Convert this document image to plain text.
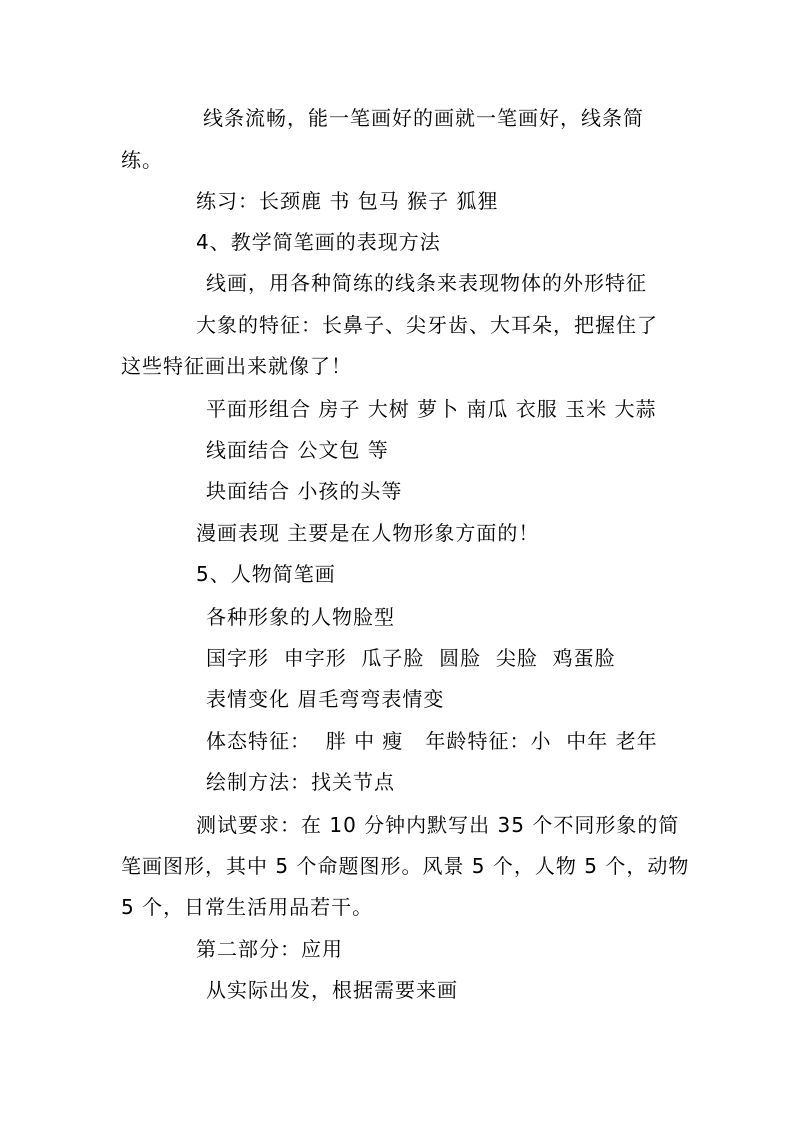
线条流畅，能一笔画好的画就一笔画好，线条简
练。
练习：长颈鹿 书 包马 猴子 狐狸
4、教学简笔画的表现方法
线画，用各种简练的线条来表现物体的外形特征
大象的特征：长鼻子、尖牙齿、大耳朵，把握住了
这些特征画出来就像了！
平面形组合 房子 大树 萝卜 南瓜 衣服 玉米 大蒜
线面结合 公文包 等
块面结合 小孩的头等
漫画表现 主要是在人物形象方面的！
5、人物简笔画
各种形象的人物脸型
国字形  申字形  瓜子脸  圆脸  尖脸  鸡蛋脸
表情变化 眉毛弯弯表情变
体态特征：  胖 中 瘦   年龄特征：小  中年 老年
绘制方法：找关节点
测试要求：在 10 分钟内默写出 35 个不同形象的简
笔画图形，其中 5 个命题图形。风景 5 个，人物 5 个，动物
5 个，日常生活用品若干。
第二部分：应用
从实际出发，根据需要来画
